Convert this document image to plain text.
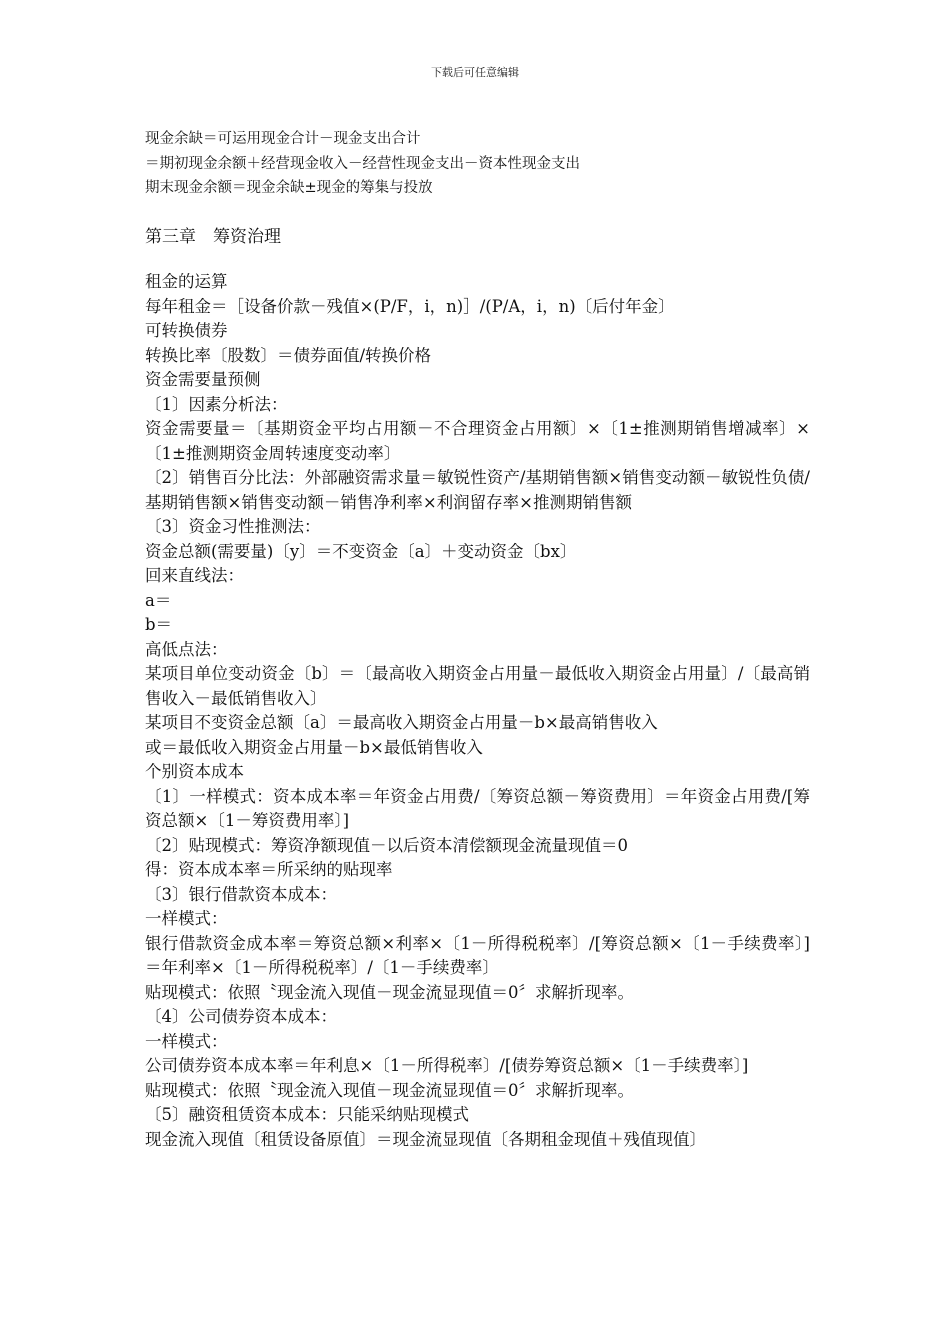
下载后可任意编辑
现金余缺＝可运用现金合计－现金支出合计
＝期初现金余额＋经营现金收入－经营性现金支出－资本性现金支出
期末现金余额＝现金余缺±现金的筹集与投放
第三章　筹资治理
租金的运算
每年租金＝［设备价款－残值×(P/F，i，n)］/(P/A，i，n)〔后付年金〕
可转换债券
转换比率〔股数〕＝债券面值/转换价格
资金需要量预侧
〔1〕因素分析法：
资金需要量＝〔基期资金平均占用额－不合理资金占用额〕×〔1±推测期销售增减率〕×〔1±推测期资金周转速度变动率〕
〔2〕销售百分比法：外部融资需求量＝敏锐性资产/基期销售额×销售变动额－敏锐性负债/基期销售额×销售变动额－销售净利率×利润留存率×推测期销售额
〔3〕资金习性推测法：
资金总额(需要量)〔y〕＝不变资金〔a〕＋变动资金〔bx〕
回来直线法：
a＝
b＝
高低点法：
某项目单位变动资金〔b〕＝〔最高收入期资金占用量－最低收入期资金占用量〕/〔最高销售收入－最低销售收入〕
某项目不变资金总额〔a〕＝最高收入期资金占用量－b×最高销售收入
或＝最低收入期资金占用量－b×最低销售收入
个别资本成本
〔1〕一样模式：资本成本率＝年资金占用费/〔筹资总额－筹资费用〕＝年资金占用费/[筹资总额×〔1－筹资费用率〕]
〔2〕贴现模式：筹资净额现值－以后资本清偿额现金流量现值＝0
得：资本成本率＝所采纳的贴现率
〔3〕银行借款资本成本：
一样模式：
银行借款资金成本率＝筹资总额×利率×〔1－所得税税率〕/[筹资总额×〔1－手续费率〕]＝年利率×〔1－所得税税率〕/〔1－手续费率〕
贴现模式：依照〝现金流入现值－现金流显现值＝0〞求解折现率。
〔4〕公司债券资本成本：
一样模式：
公司债券资本成本率＝年利息×〔1－所得税率〕/[债券筹资总额×〔1－手续费率〕]
贴现模式：依照〝现金流入现值－现金流显现值＝0〞求解折现率。
〔5〕融资租赁资本成本：只能采纳贴现模式
现金流入现值〔租赁设备原值〕＝现金流显现值〔各期租金现值＋残值现值〕
